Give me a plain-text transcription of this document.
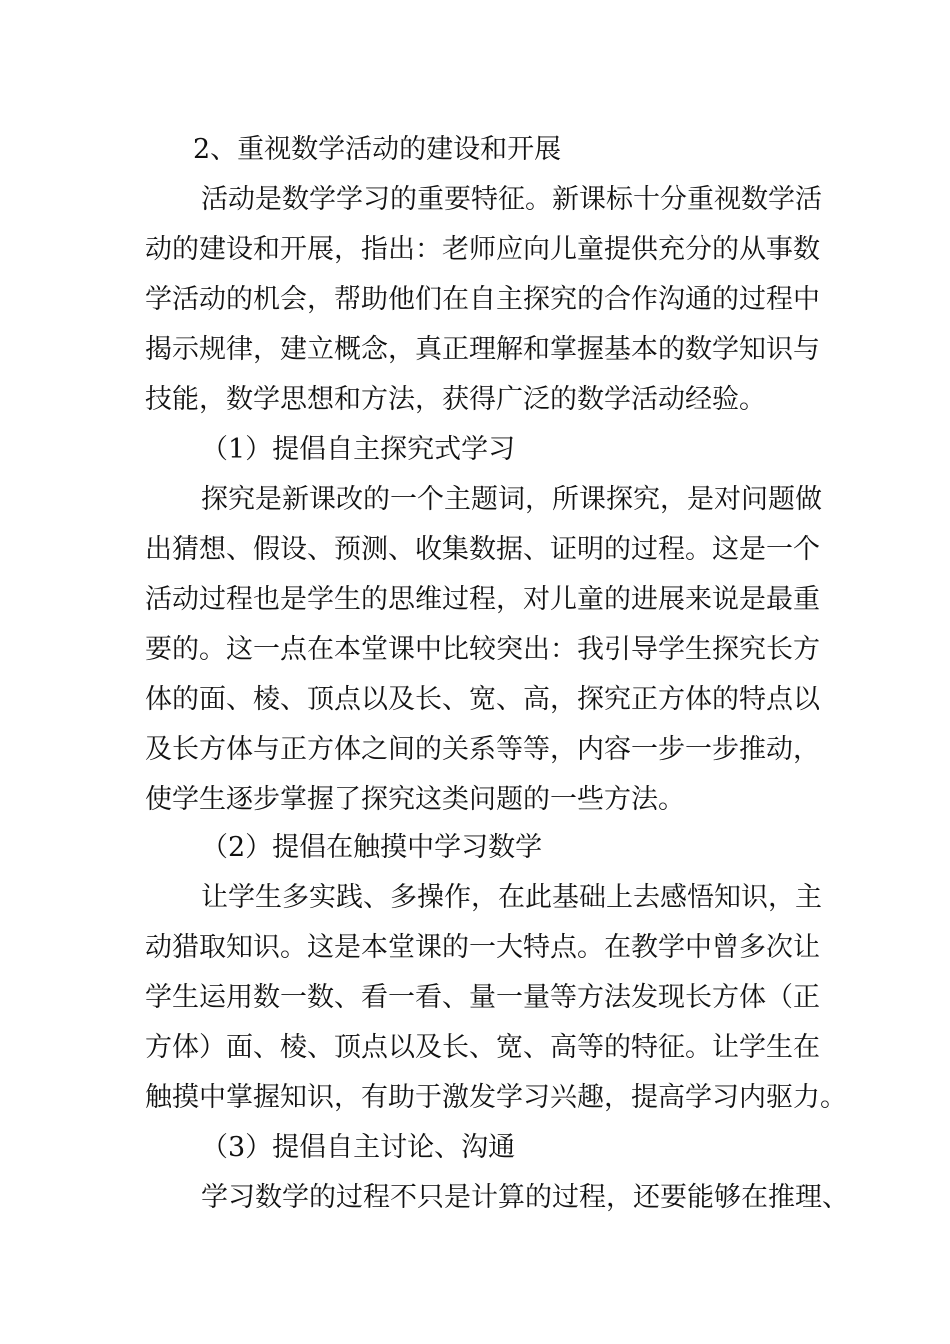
2、重视数学活动的建设和开展

活动是数学学习的重要特征。新课标十分重视数学活

动的建设和开展，指出：老师应向儿童提供充分的从事数

学活动的机会，帮助他们在自主探究的合作沟通的过程中

揭示规律，建立概念，真正理解和掌握基本的数学知识与

技能，数学思想和方法，获得广泛的数学活动经验。

（1）提倡自主探究式学习

探究是新课改的一个主题词，所课探究，是对问题做

出猜想、假设、预测、收集数据、证明的过程。这是一个

活动过程也是学生的思维过程，对儿童的进展来说是最重

要的。这一点在本堂课中比较突出：我引导学生探究长方

体的面、棱、顶点以及长、宽、高，探究正方体的特点以

及长方体与正方体之间的关系等等，内容一步一步推动，

使学生逐步掌握了探究这类问题的一些方法。

（2）提倡在触摸中学习数学

让学生多实践、多操作，在此基础上去感悟知识，主

动猎取知识。这是本堂课的一大特点。在教学中曾多次让

学生运用数一数、看一看、量一量等方法发现长方体（正

方体）面、棱、顶点以及长、宽、高等的特征。让学生在

触摸中掌握知识，有助于激发学习兴趣，提高学习内驱力。

（3）提倡自主讨论、沟通

学习数学的过程不只是计算的过程，还要能够在推理、
